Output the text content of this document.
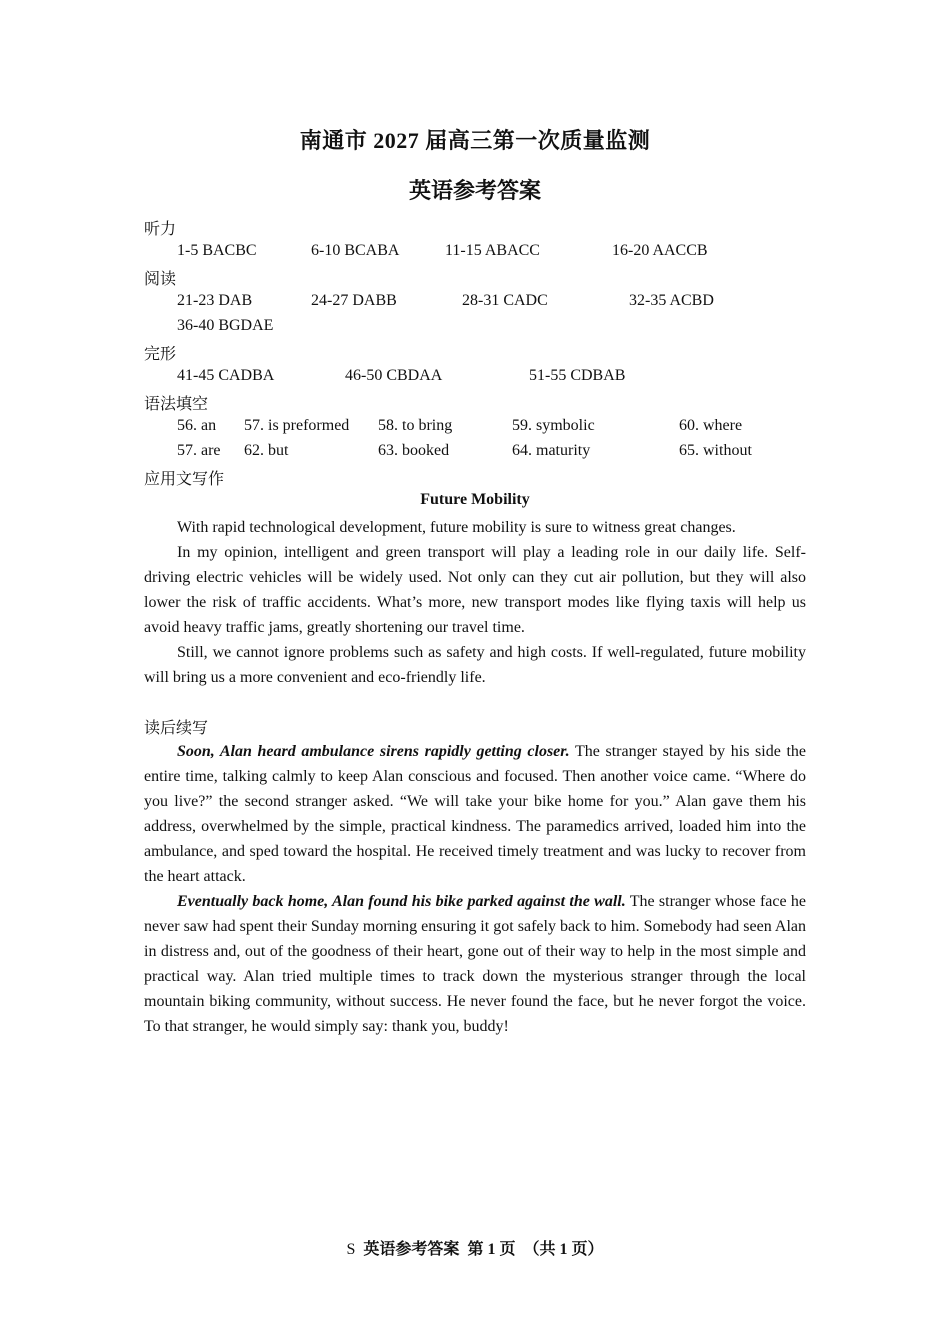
南通市 2027 届高三第一次质量监测
英语参考答案
听力
1-5 BACBC	6-10 BCABA	11-15 ABACC	16-20 AACCB
阅读
21-23 DAB	24-27 DABB	28-31 CADC	32-35 ACBD
36-40 BGDAE
完形
41-45 CADBA	46-50 CBDAA	51-55 CDBAB
语法填空
56. an 57. is preformed 58. to bring	59. symbolic	60. where
57. are 62. but	63. booked	64. maturity	65. without
应用文写作
Future Mobility

With rapid technological development, future mobility is sure to witness great changes.

In my opinion, intelligent and green transport will play a leading role in our daily life. Self-driving electric vehicles will be widely used. Not only can they cut air pollution, but they will also lower the risk of traffic accidents. What’s more, new transport modes like flying taxis will help us avoid heavy traffic jams, greatly shortening our travel time.

Still, we cannot ignore problems such as safety and high costs. If well-regulated, future mobility will bring us a more convenient and eco-friendly life.

读后续写

Soon, Alan heard ambulance sirens rapidly getting closer. The stranger stayed by his side the entire time, talking calmly to keep Alan conscious and focused. Then another voice came. “Where do you live?” the second stranger asked. “We will take your bike home for you.” Alan gave them his address, overwhelmed by the simple, practical kindness. The paramedics arrived, loaded him into the ambulance, and sped toward the hospital. He received timely treatment and was lucky to recover from the heart attack.

Eventually back home, Alan found his bike parked against the wall. The stranger whose face he never saw had spent their Sunday morning ensuring it got safely back to him. Somebody had seen Alan in distress and, out of the goodness of their heart, gone out of their way to help in the most simple and practical way. Alan tried multiple times to track down the mysterious stranger through the local mountain biking community, without success. He never found the face, but he never forgot the voice. To that stranger, he would simply say: thank you, buddy!

S 英语参考答案 第 1 页 （共 1 页）
